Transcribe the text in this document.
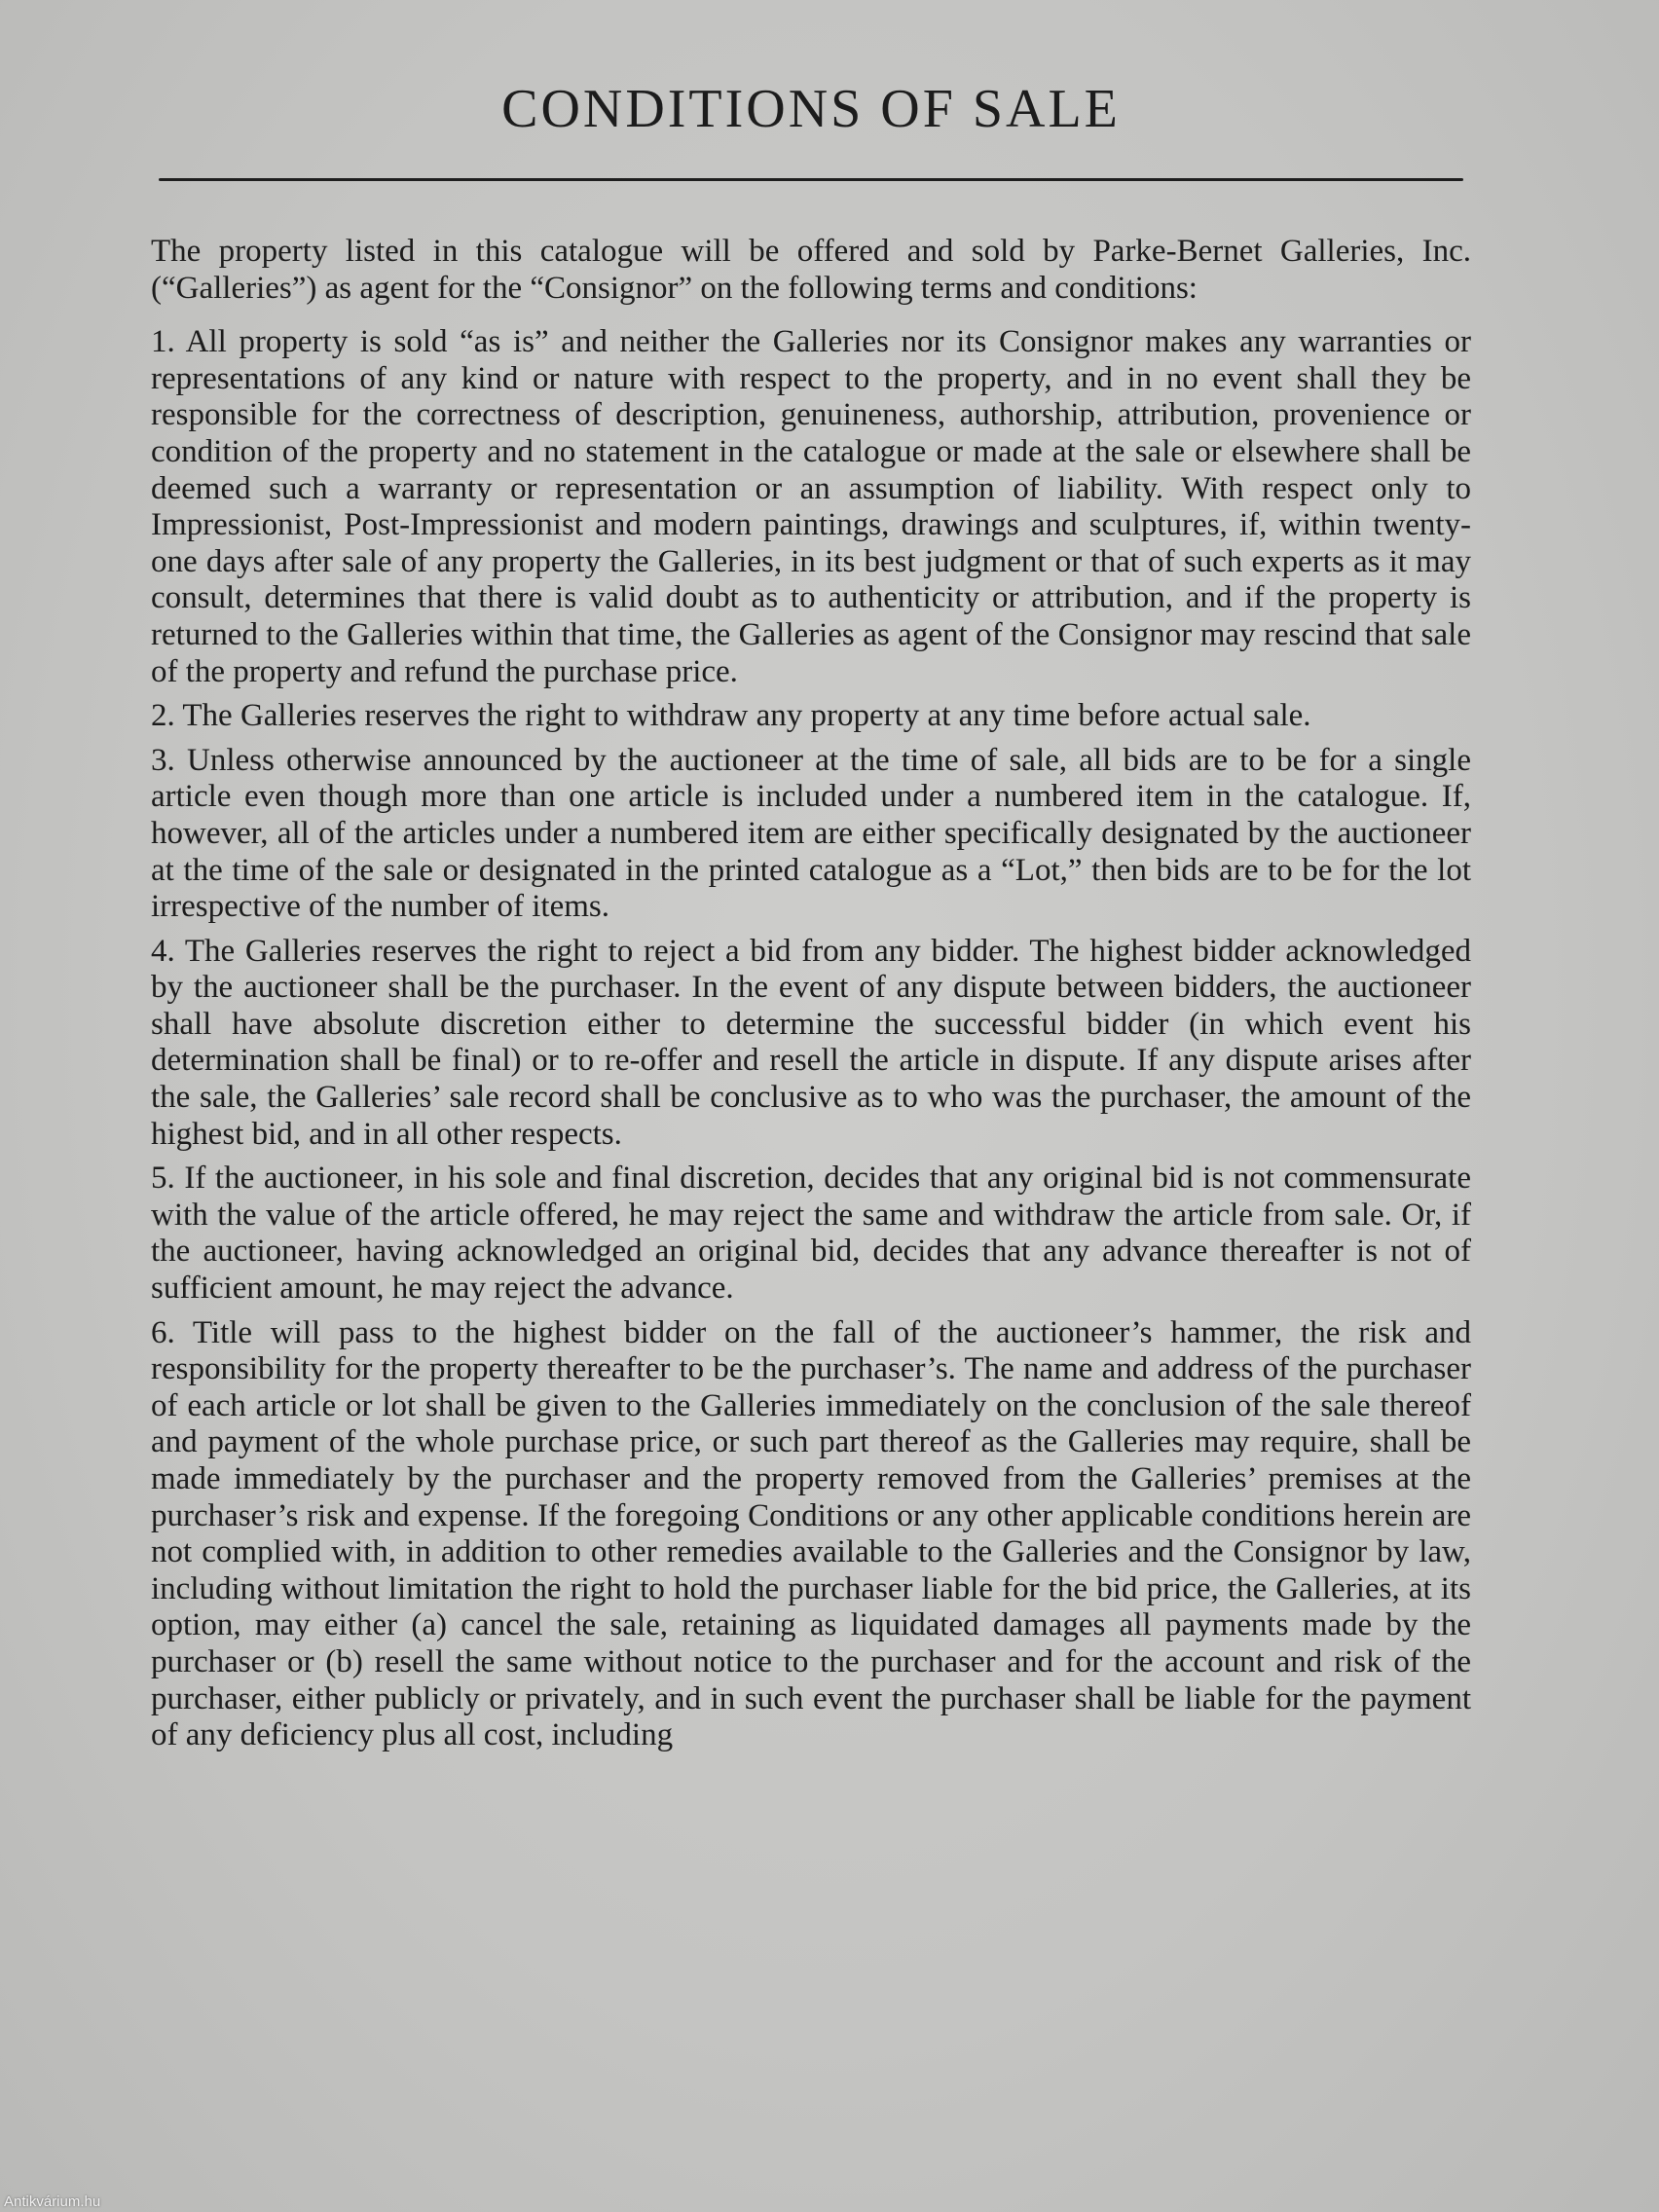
CONDITIONS OF SALE

The property listed in this catalogue will be offered and sold by Parke-Bernet Galleries, Inc. (“Galleries”) as agent for the “Consignor” on the following terms and conditions:

1. All property is sold “as is” and neither the Galleries nor its Consignor makes any warranties or representations of any kind or nature with respect to the property, and in no event shall they be responsible for the correctness of description, genuineness, authorship, attribution, provenience or condition of the property and no statement in the catalogue or made at the sale or elsewhere shall be deemed such a warranty or representation or an assumption of liability. With respect only to Impressionist, Post-Impressionist and modern paintings, drawings and sculptures, if, within twenty-one days after sale of any property the Galleries, in its best judgment or that of such experts as it may consult, determines that there is valid doubt as to authenticity or attribution, and if the property is returned to the Galleries within that time, the Galleries as agent of the Consignor may rescind that sale of the property and refund the purchase price.

2. The Galleries reserves the right to withdraw any property at any time before actual sale.

3. Unless otherwise announced by the auctioneer at the time of sale, all bids are to be for a single article even though more than one article is included under a numbered item in the catalogue. If, however, all of the articles under a numbered item are either specifically designated by the auctioneer at the time of the sale or designated in the printed catalogue as a “Lot,” then bids are to be for the lot irrespective of the number of items.

4. The Galleries reserves the right to reject a bid from any bidder. The highest bidder acknowledged by the auctioneer shall be the purchaser. In the event of any dispute between bidders, the auctioneer shall have absolute discretion either to determine the successful bidder (in which event his determination shall be final) or to re-offer and resell the article in dispute. If any dispute arises after the sale, the Galleries’ sale record shall be conclusive as to who was the purchaser, the amount of the highest bid, and in all other respects.

5. If the auctioneer, in his sole and final discretion, decides that any original bid is not commensurate with the value of the article offered, he may reject the same and withdraw the article from sale. Or, if the auctioneer, having acknowledged an original bid, decides that any advance thereafter is not of sufficient amount, he may reject the advance.

6. Title will pass to the highest bidder on the fall of the auctioneer’s hammer, the risk and responsibility for the property thereafter to be the purchaser’s. The name and address of the purchaser of each article or lot shall be given to the Galleries immediately on the conclusion of the sale thereof and payment of the whole purchase price, or such part thereof as the Galleries may require, shall be made immediately by the purchaser and the property removed from the Galleries’ premises at the purchaser’s risk and expense. If the foregoing Conditions or any other applicable conditions herein are not complied with, in addition to other remedies available to the Galleries and the Consignor by law, including without limitation the right to hold the purchaser liable for the bid price, the Galleries, at its option, may either (a) cancel the sale, retaining as liquidated damages all payments made by the purchaser or (b) resell the same without notice to the purchaser and for the account and risk of the purchaser, either publicly or privately, and in such event the purchaser shall be liable for the payment of any deficiency plus all cost, including

Antikvárium.hu
